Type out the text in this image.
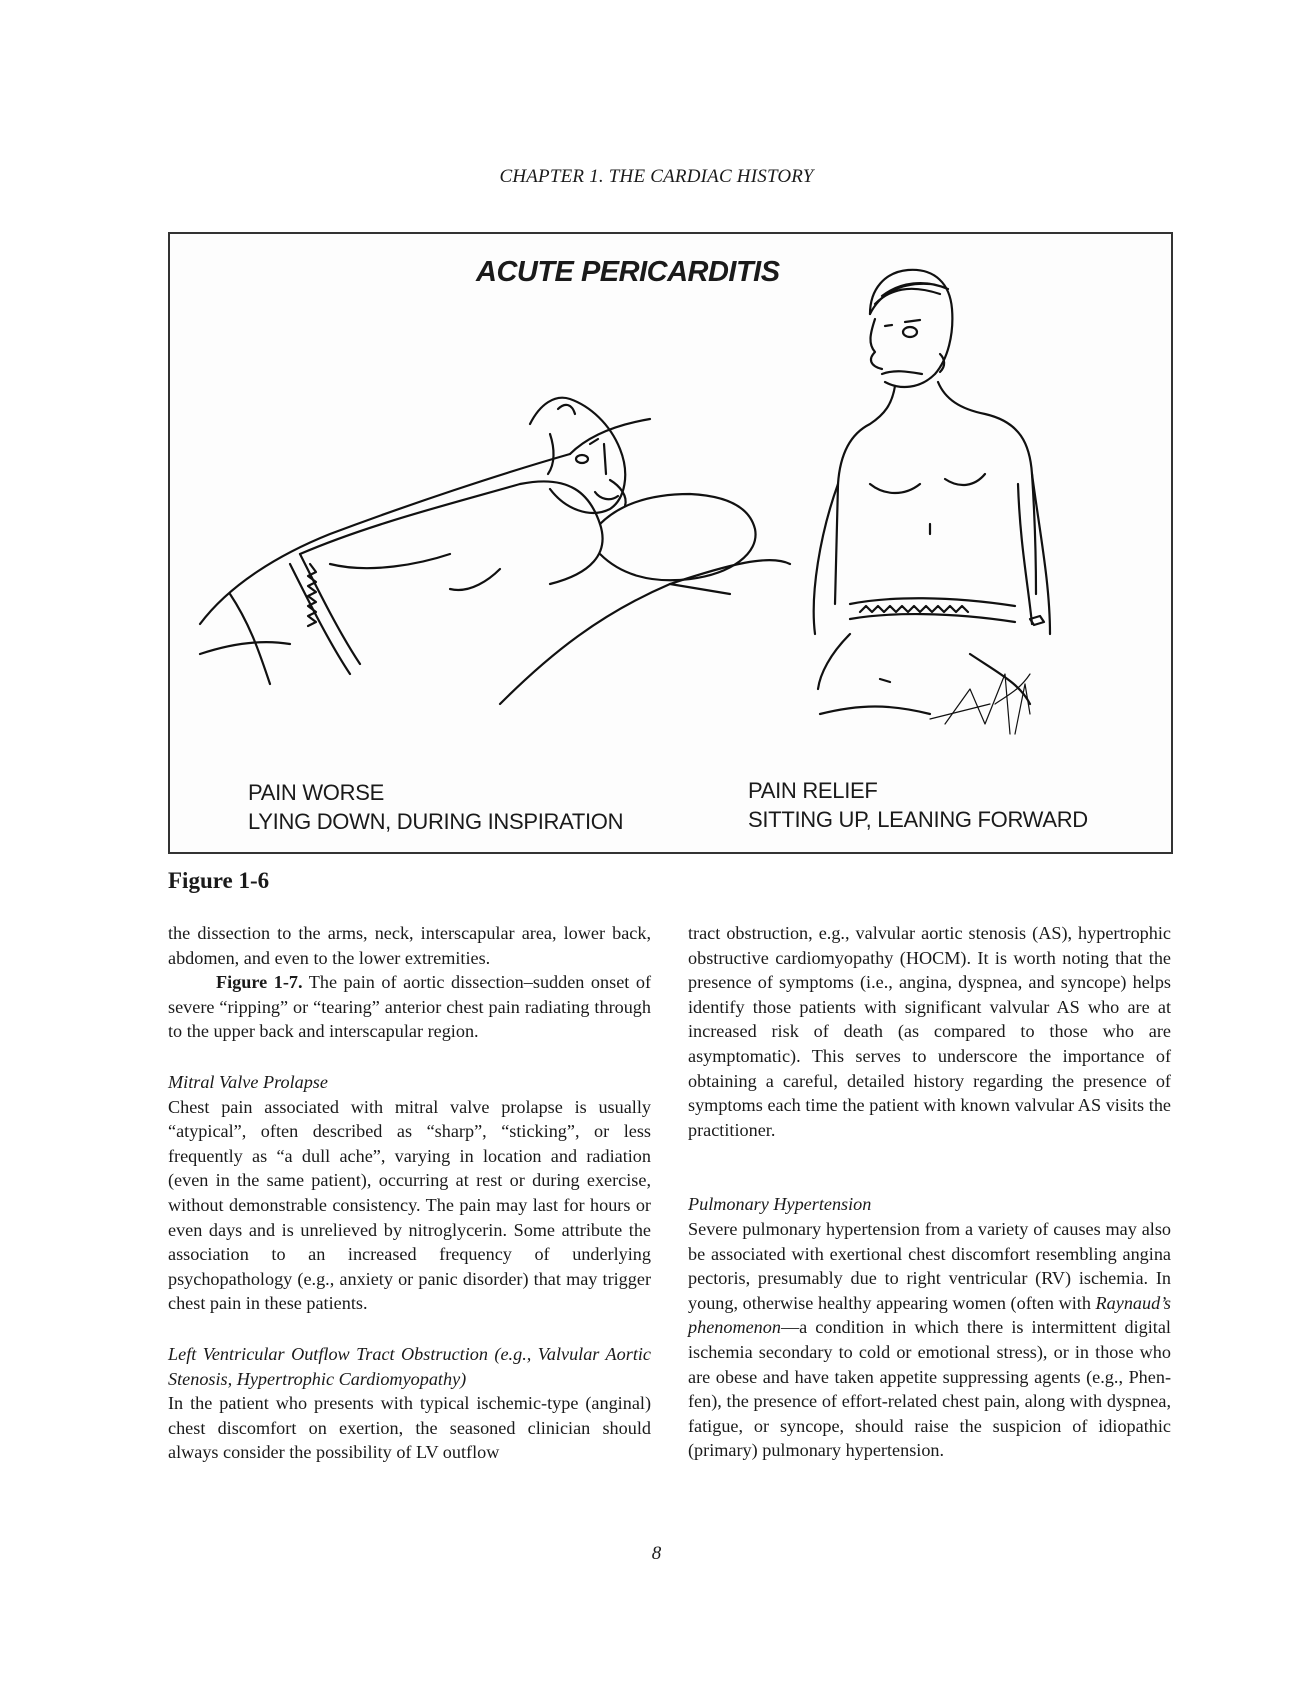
CHAPTER 1. THE CARDIAC HISTORY
ACUTE PERICARDITIS
PAIN WORSE
LYING DOWN, DURING INSPIRATION
PAIN RELIEF
SITTING UP, LEANING FORWARD
Figure 1-6

the dissection to the arms, neck, interscapular area, lower back, abdomen, and even to the lower extremities.

Figure 1-7. The pain of aortic dissection–sudden onset of severe “ripping” or “tearing” anterior chest pain radiating through to the upper back and interscapular region.

Mitral Valve Prolapse

Chest pain associated with mitral valve prolapse is usually “atypical”, often described as “sharp”, “sticking”, or less frequently as “a dull ache”, varying in location and radiation (even in the same patient), occurring at rest or during exercise, without demonstrable consistency. The pain may last for hours or even days and is unrelieved by nitroglycerin. Some attribute the association to an increased frequency of underlying psychopathology (e.g., anxiety or panic disorder) that may trigger chest pain in these patients.

Left Ventricular Outflow Tract Obstruction (e.g., Valvular Aortic Stenosis, Hypertrophic Cardiomyopathy)

In the patient who presents with typical ischemic-type (anginal) chest discomfort on exertion, the seasoned clinician should always consider the possibility of LV outflow

tract obstruction, e.g., valvular aortic stenosis (AS), hypertrophic obstructive cardiomyopathy (HOCM). It is worth noting that the presence of symptoms (i.e., angina, dyspnea, and syncope) helps identify those patients with significant valvular AS who are at increased risk of death (as compared to those who are asymptomatic). This serves to underscore the importance of obtaining a careful, detailed history regarding the presence of symptoms each time the patient with known valvular AS visits the practitioner.

Pulmonary Hypertension

Severe pulmonary hypertension from a variety of causes may also be associated with exertional chest discomfort resembling angina pectoris, presumably due to right ventricular (RV) ischemia. In young, otherwise healthy appearing women (often with Raynaud’s phenomenon—a condition in which there is intermittent digital ischemia secondary to cold or emotional stress), or in those who are obese and have taken appetite suppressing agents (e.g., Phen-fen), the presence of effort-related chest pain, along with dyspnea, fatigue, or syncope, should raise the suspicion of idiopathic (primary) pulmonary hypertension.

8
